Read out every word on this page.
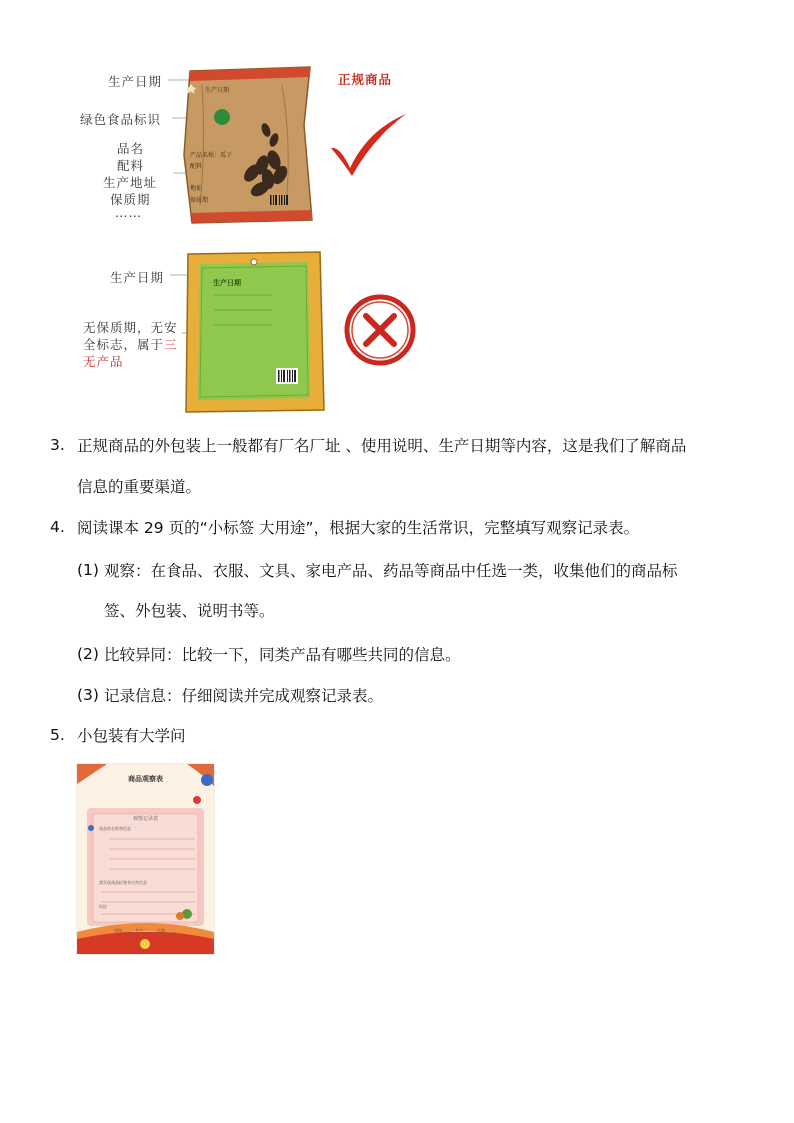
生产日期
绿色食品标识
品名
配料
生产地址
保质期
……
生产日期
产品名称：瓜子
配料
地址
保质期
正规商品
生产日期
无保质期，无安
全标志，属于三
无产品
生产日期
3. 正规商品的外包装上一般都有厂名厂址 、使用说明、生产日期等内容，这是我们了解商品
信息的重要渠道。
4. 阅读课本 29 页的“小标签 大用途”，根据大家的生活常识，完整填写观察记录表。
(1) 观察：在食品、衣服、文具、家电产品、药品等商品中任选一类，收集他们的商品标
签、外包装、说明书等。
(2) 比较异同：比较一下，同类产品有哪些共同的信息。
(3) 记录信息：仔细阅读并完成观察记录表。
5. 小包装有大学问
商品观察表
观察记录表
商品的名称和信息
我发现商品标签有这些信息
结论
班级______ 姓名______ 日期______
